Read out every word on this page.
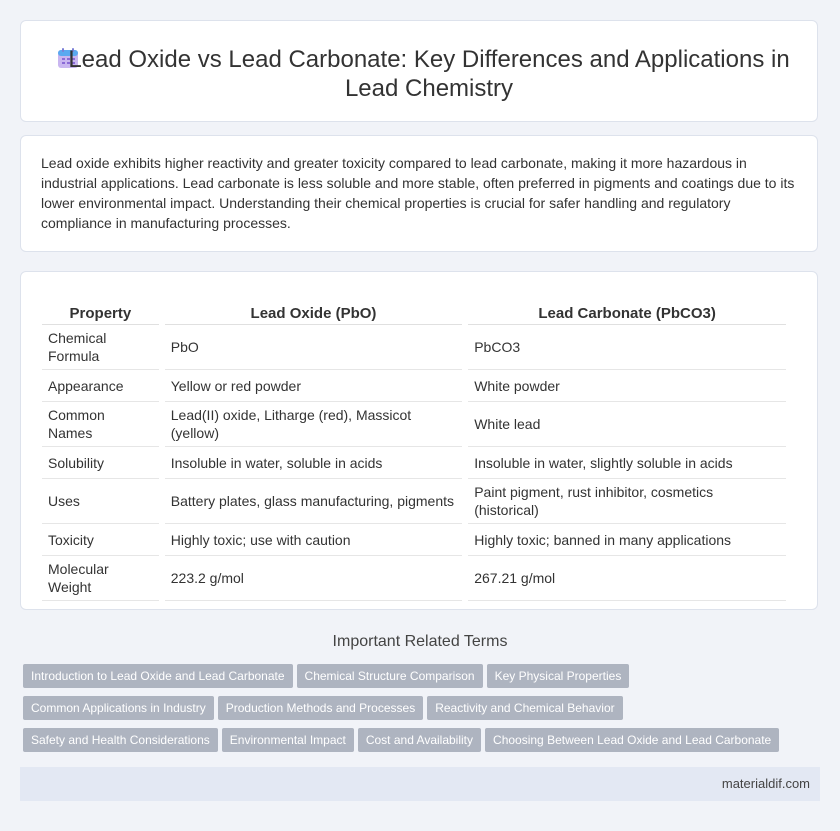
Lead Oxide vs Lead Carbonate: Key Differences and Applications in Lead Chemistry
Lead oxide exhibits higher reactivity and greater toxicity compared to lead carbonate, making it more hazardous in industrial applications. Lead carbonate is less soluble and more stable, often preferred in pigments and coatings due to its lower environmental impact. Understanding their chemical properties is crucial for safer handling and regulatory compliance in manufacturing processes.
Property	Lead Oxide (PbO)	Lead Carbonate (PbCO3)
Chemical Formula	PbO	PbCO3
Appearance	Yellow or red powder	White powder
Common Names	Lead(II) oxide, Litharge (red), Massicot (yellow)	White lead
Solubility	Insoluble in water, soluble in acids	Insoluble in water, slightly soluble in acids
Uses	Battery plates, glass manufacturing, pigments	Paint pigment, rust inhibitor, cosmetics (historical)
Toxicity	Highly toxic; use with caution	Highly toxic; banned in many applications
Molecular Weight	223.2 g/mol	267.21 g/mol
Important Related Terms
Introduction to Lead Oxide and Lead Carbonate Chemical Structure Comparison Key Physical Properties
Common Applications in Industry Production Methods and Processes Reactivity and Chemical Behavior
Safety and Health Considerations Environmental Impact Cost and Availability Choosing Between Lead Oxide and Lead Carbonate
materialdif.com
